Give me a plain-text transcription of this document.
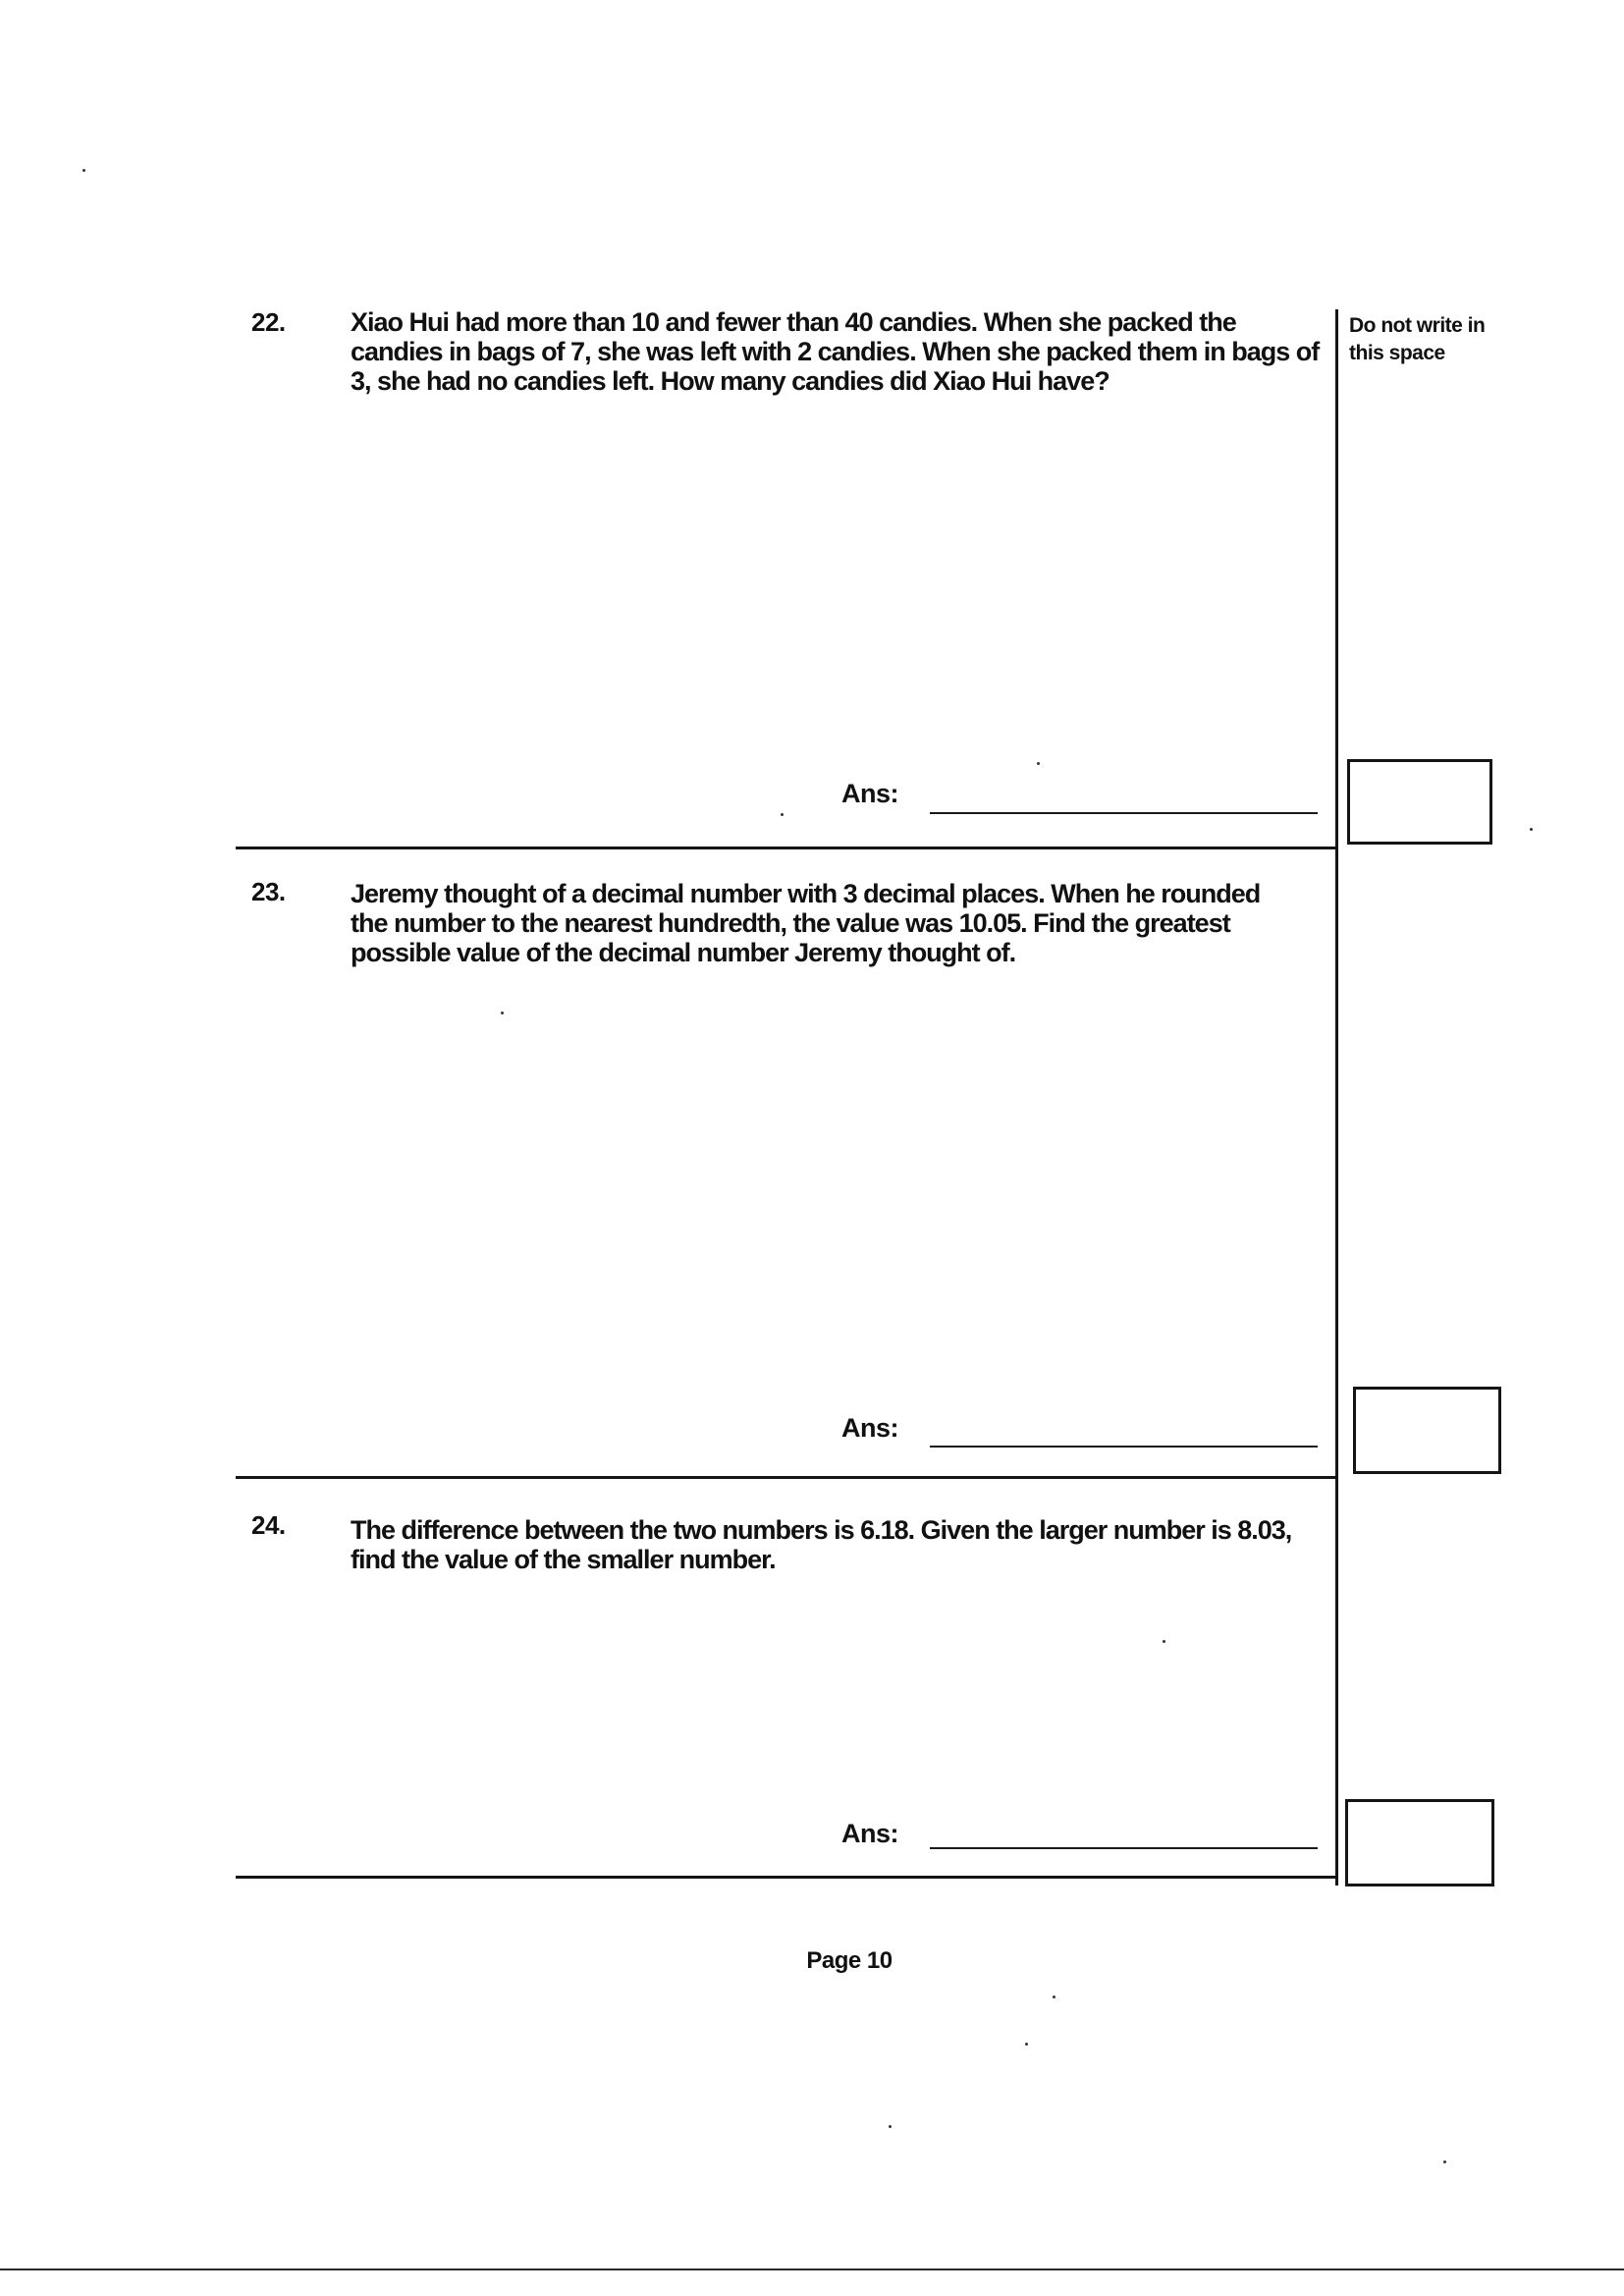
Do not write in this space
22. Xiao Hui had more than 10 and fewer than 40 candies. When she packed the candies in bags of 7, she was left with 2 candies. When she packed them in bags of 3, she had no candies left. How many candies did Xiao Hui have?
Ans:
23. Jeremy thought of a decimal number with 3 decimal places. When he rounded the number to the nearest hundredth, the value was 10.05. Find the greatest possible value of the decimal number Jeremy thought of.
Ans:
24. The difference between the two numbers is 6.18. Given the larger number is 8.03, find the value of the smaller number.
Ans:
Page 10
